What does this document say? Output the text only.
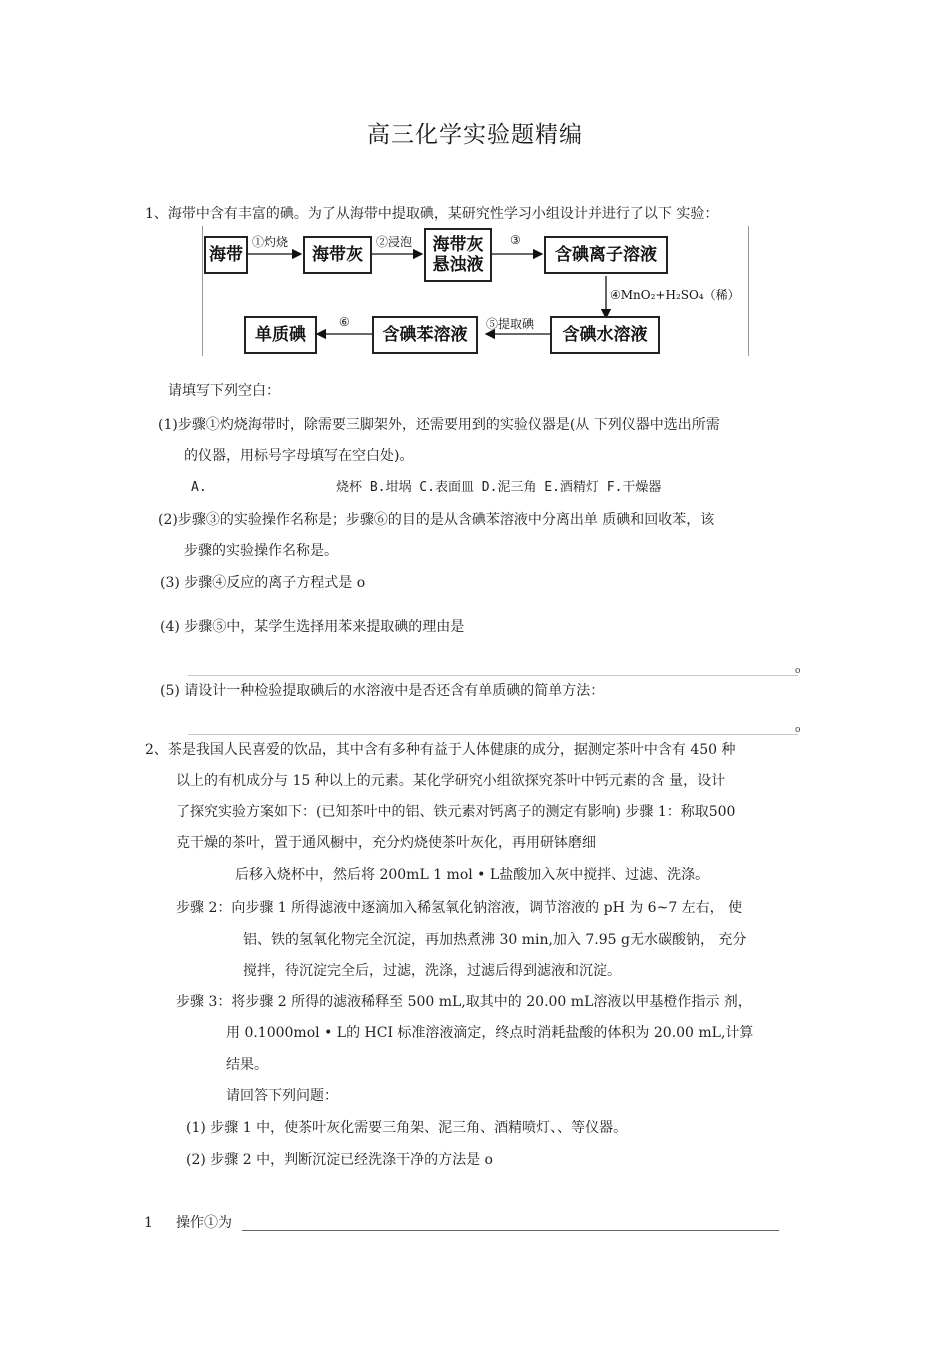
高三化学实验题精编
1、海带中含有丰富的碘。为了从海带中提取碘，某研究性学习小组设计并进行了以下 实验：
海带	海带灰	海带灰
悬浊液	含碘离子溶液
含碘水溶液
含碘苯溶液
单质碘
①灼烧	②浸泡	③
④MnO₂+H₂SO₄（稀）
⑤提取碘
⑥
请填写下列空白：
(1)步骤①灼烧海带时，除需要三脚架外，还需要用到的实验仪器是(从 下列仪器中选出所需
的仪器，用标号字母填写在空白处)。
A.	烧杯 B.坩埚 C.表面皿 D.泥三角 E.酒精灯 F.干燥器
(2)步骤③的实验操作名称是；步骤⑥的目的是从含碘苯溶液中分离出单 质碘和回收苯，该
步骤的实验操作名称是。
(3) 步骤④反应的离子方程式是 o
(4) 步骤⑤中，某学生选择用苯来提取碘的理由是
o
(5) 请设计一种检验提取碘后的水溶液中是否还含有单质碘的简单方法：
o
2、茶是我国人民喜爱的饮品，其中含有多种有益于人体健康的成分，据测定茶叶中含有 450 种
以上的有机成分与 15 种以上的元素。某化学研究小组欲探究茶叶中钙元素的含 量，设计
了探究实验方案如下：(已知茶叶中的铝、铁元素对钙离子的测定有影响) 步骤 1：称取500
克干燥的茶叶，置于通风橱中，充分灼烧使茶叶灰化，再用研钵磨细
后移入烧杯中，然后将 200mL 1 mol • L盐酸加入灰中搅拌、过滤、洗涤。
步骤 2：向步骤 1 所得滤液中逐滴加入稀氢氧化钠溶液，调节溶液的 pH 为 6~7 左右， 使
铝、铁的氢氧化物完全沉淀，再加热煮沸 30 min,加入 7.95 g无水碳酸钠， 充分
搅拌，待沉淀完全后，过滤，洗涤，过滤后得到滤液和沉淀。
步骤 3：将步骤 2 所得的滤液稀释至 500 mL,取其中的 20.00 mL溶液以甲基橙作指示 剂，
用 0.1000mol • L的 HCI 标准溶液滴定，终点时消耗盐酸的体积为 20.00 mL,计算
结果。
请回答下列问题：
(1) 步骤 1 中，使茶叶灰化需要三角架、泥三角、酒精喷灯、、等仪器。
(2) 步骤 2 中，判断沉淀已经洗涤干净的方法是 o
1 操作①为
